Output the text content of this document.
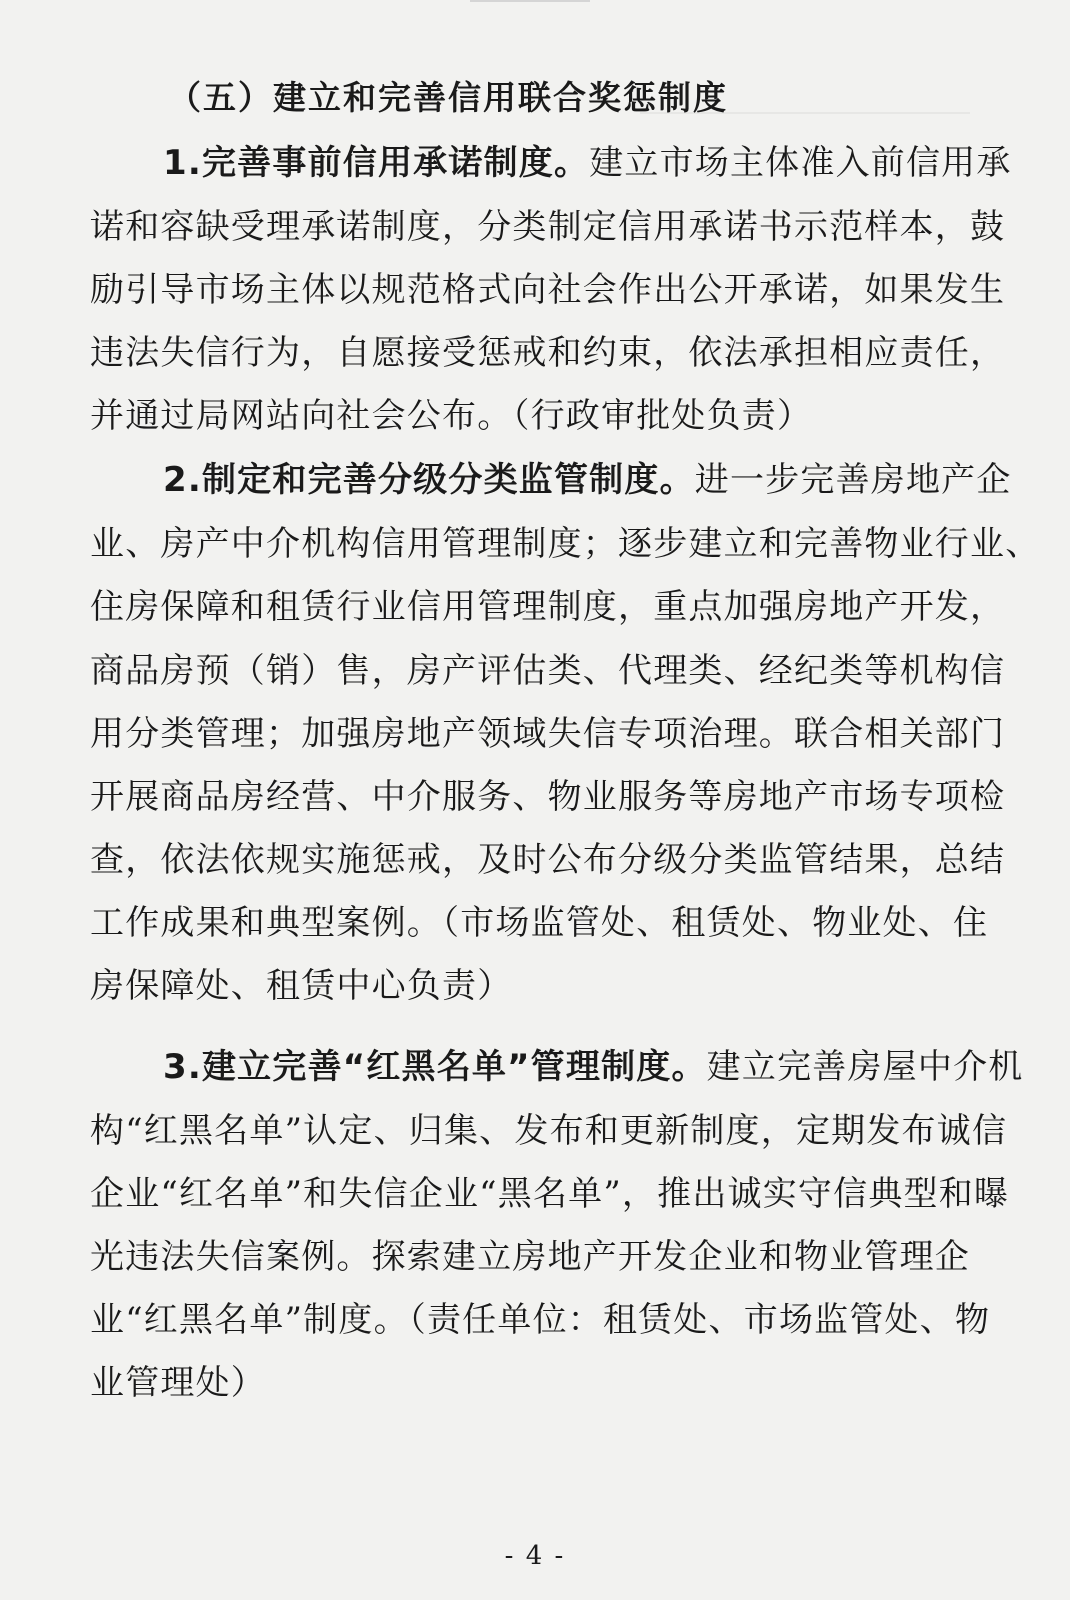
（五）建立和完善信用联合奖惩制度
1.完善事前信用承诺制度。建立市场主体准入前信用承
诺和容缺受理承诺制度，分类制定信用承诺书示范样本，鼓
励引导市场主体以规范格式向社会作出公开承诺，如果发生
违法失信行为，自愿接受惩戒和约束，依法承担相应责任，
并通过局网站向社会公布。（行政审批处负责）
2.制定和完善分级分类监管制度。进一步完善房地产企
业、房产中介机构信用管理制度；逐步建立和完善物业行业、
住房保障和租赁行业信用管理制度，重点加强房地产开发，
商品房预（销）售，房产评估类、代理类、经纪类等机构信
用分类管理；加强房地产领域失信专项治理。联合相关部门
开展商品房经营、中介服务、物业服务等房地产市场专项检
查，依法依规实施惩戒，及时公布分级分类监管结果，总结
工作成果和典型案例。（市场监管处、租赁处、物业处、住
房保障处、租赁中心负责）
3.建立完善“红黑名单”管理制度。建立完善房屋中介机
构“红黑名单”认定、归集、发布和更新制度，定期发布诚信
企业“红名单”和失信企业“黑名单”，推出诚实守信典型和曝
光违法失信案例。探索建立房地产开发企业和物业管理企
业“红黑名单”制度。（责任单位：租赁处、市场监管处、物
业管理处）
- 4 -
